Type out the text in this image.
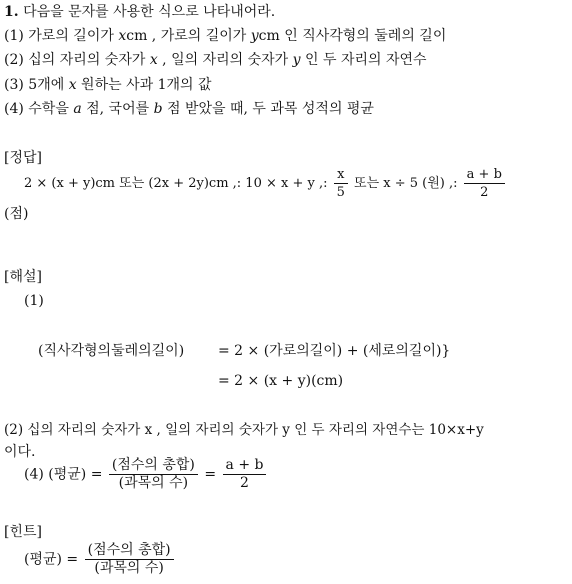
1. 다음을 문자를 사용한 식으로 나타내어라.
(1) 가로의 길이가 xcm , 가로의 길이가 ycm 인 직사각형의 둘레의 길이
(2) 십의 자리의 숫자가 x , 일의 자리의 숫자가 y 인 두 자리의 자연수
(3) 5개에 x 원하는 사과 1개의 값
(4) 수학을 a 점, 국어를 b 점 받았을 때, 두 과목 성적의 평균
[정답]
2 × (x + y)cm 또는 (2x + 2y)cm ,: 10 × x + y ,: $\frac{x}{5}$ 또는 x ÷ 5 (원) ,: $\frac{a + b}{2}$
(점)
[해설]
(1)
(직사각형의둘레의길이) = 2 × (가로의길이) + (세로의길이)}
= 2 × (x + y)(cm)
(2) 십의 자리의 숫자가 x , 일의 자리의 숫자가 y 인 두 자리의 자연수는 10×x+y
이다.
(4) (평균) = $\frac{\text{(점수의 총합)}}{\text{(과목의 수)}} = \frac{a + b}{2}$
[힌트]
(평균) = $\frac{\text{(점수의 총합)}}{\text{(과목의 수)}}$
